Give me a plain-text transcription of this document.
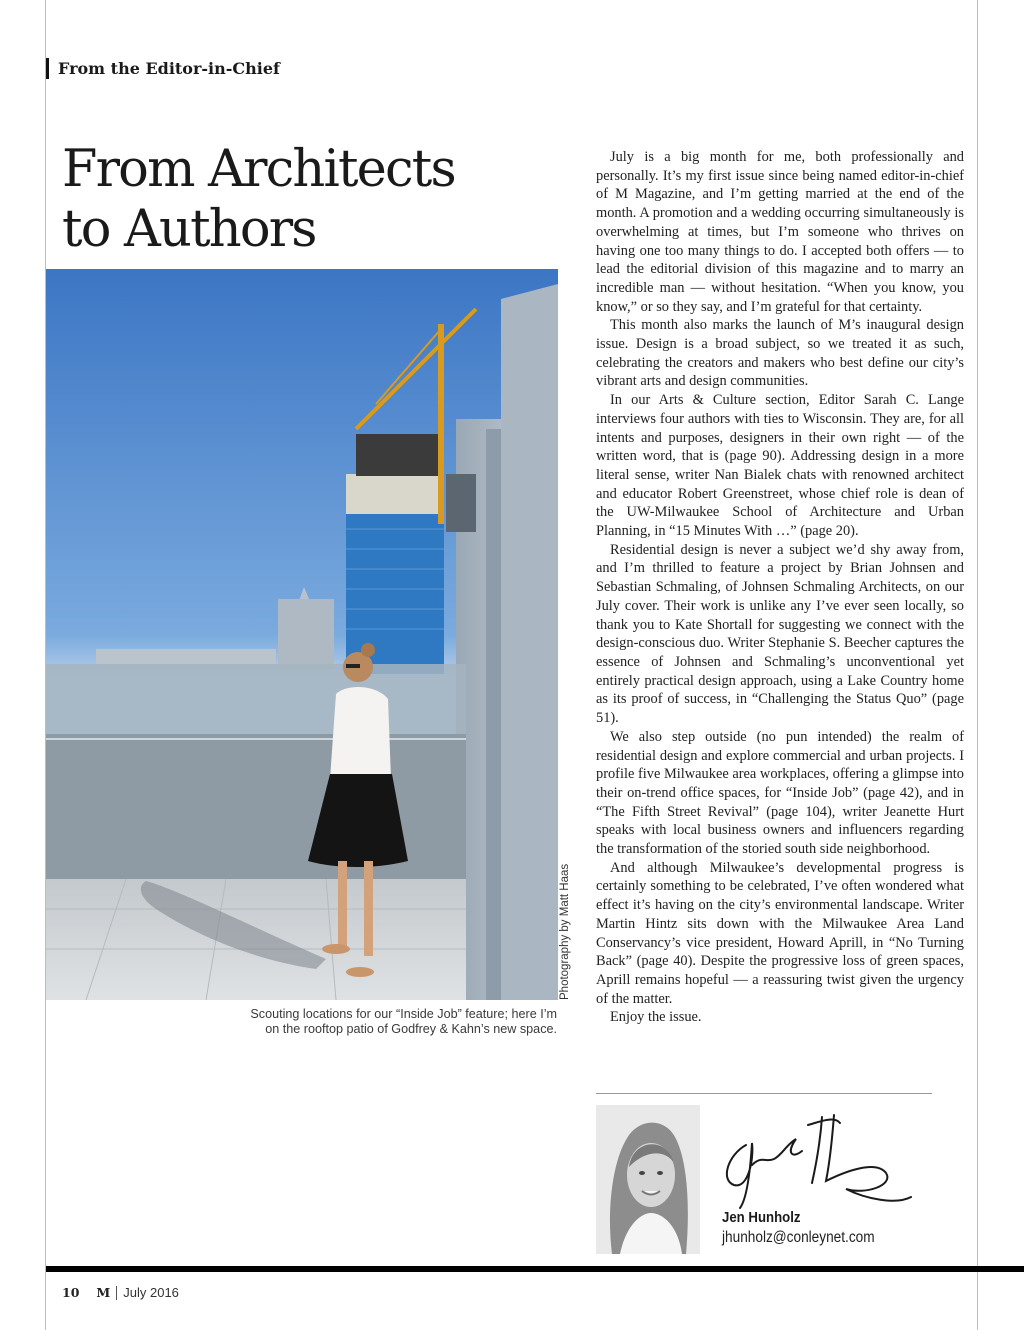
From the Editor-in-Chief
From Architects
to Authors
Photography by Matt Haas
Scouting locations for our “Inside Job” feature; here I’m
on the rooftop patio of Godfrey & Kahn’s new space.

July is a big month for me, both professionally and personally. It’s my first issue since being named editor-in-chief of M Magazine, and I’m getting married at the end of the month. A promotion and a wedding occurring simultaneously is overwhelming at times, but I’m someone who thrives on having one too many things to do. I accepted both offers — to lead the editorial division of this magazine and to marry an incredible man — without hesitation. “When you know, you know,” or so they say, and I’m grateful for that certainty.

This month also marks the launch of M’s inaugural design issue. Design is a broad subject, so we treated it as such, celebrating the creators and makers who best define our city’s vibrant arts and design communities.

In our Arts & Culture section, Editor Sarah C. Lange interviews four authors with ties to Wisconsin. They are, for all intents and purposes, designers in their own right — of the written word, that is (page 90). Addressing design in a more literal sense, writer Nan Bialek chats with renowned architect and educator Robert Greenstreet, whose chief role is dean of the UW-Milwaukee School of Architecture and Urban Planning, in “15 Minutes With …” (page 20).

Residential design is never a subject we’d shy away from, and I’m thrilled to feature a project by Brian Johnsen and Sebastian Schmaling, of Johnsen Schmaling Architects, on our July cover. Their work is unlike any I’ve ever seen locally, so thank you to Kate Shortall for suggesting we connect with the design-conscious duo. Writer Stephanie S. Beecher captures the essence of Johnsen and Schmaling’s unconventional yet entirely practical design approach, using a Lake Country home as its proof of success, in “Challenging the Status Quo” (page 51).

We also step outside (no pun intended) the realm of residential design and explore commercial and urban projects. I profile five Milwaukee area workplaces, offering a glimpse into their on-trend office spaces, for “Inside Job” (page 42), and in “The Fifth Street Revival” (page 104), writer Jeanette Hurt speaks with local business owners and influencers regarding the transformation of the storied south side neighborhood.

And although Milwaukee’s developmental progress is certainly something to be celebrated, I’ve often wondered what effect it’s having on the city’s environmental landscape. Writer Martin Hintz sits down with the Milwaukee Area Land Conservancy’s vice president, Howard Aprill, in “No Turning Back” (page 40). Despite the progressive loss of green spaces, Aprill remains hopeful — a reassuring twist given the urgency of the matter.

Enjoy the issue.

Jen Hunholz
jhunholz@conleynet.com
10 M July 2016
